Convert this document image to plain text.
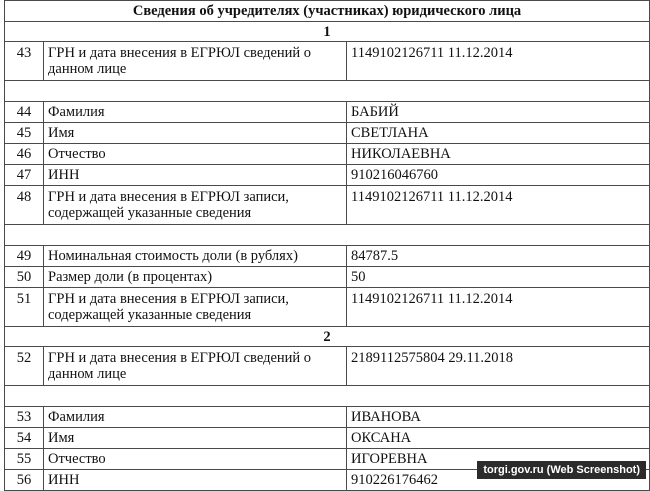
Сведения об учредителях (участниках) юридического лица		
1		
43	ГРН и дата внесения в ЕГРЮЛ сведений о данном лице	1149102126711 11.12.2014

44	Фамилия	БАБИЙ

45	Имя	СВЕТЛАНА

46	Отчество	НИКОЛАЕВНА

47	ИНН	910216046760
48	ГРН и дата внесения в ЕГРЮЛ записи, содержащей указанные сведения	1149102126711 11.12.2014

49	Номинальная стоимость доли (в рублях)	84787.5
50	Размер доли (в процентах)	50
51	ГРН и дата внесения в ЕГРЮЛ записи, содержащей указанные сведения	1149102126711 11.12.2014
2		
52	ГРН и дата внесения в ЕГРЮЛ сведений о данном лице	2189112575804 29.11.2018

53	Фамилия	ИВАНОВА
54	Имя	ОКСАНА
55	Отчество	ИГОРЕВНА
56	ИНН	910226176462
torgi.gov.ru (Web Screenshot)
